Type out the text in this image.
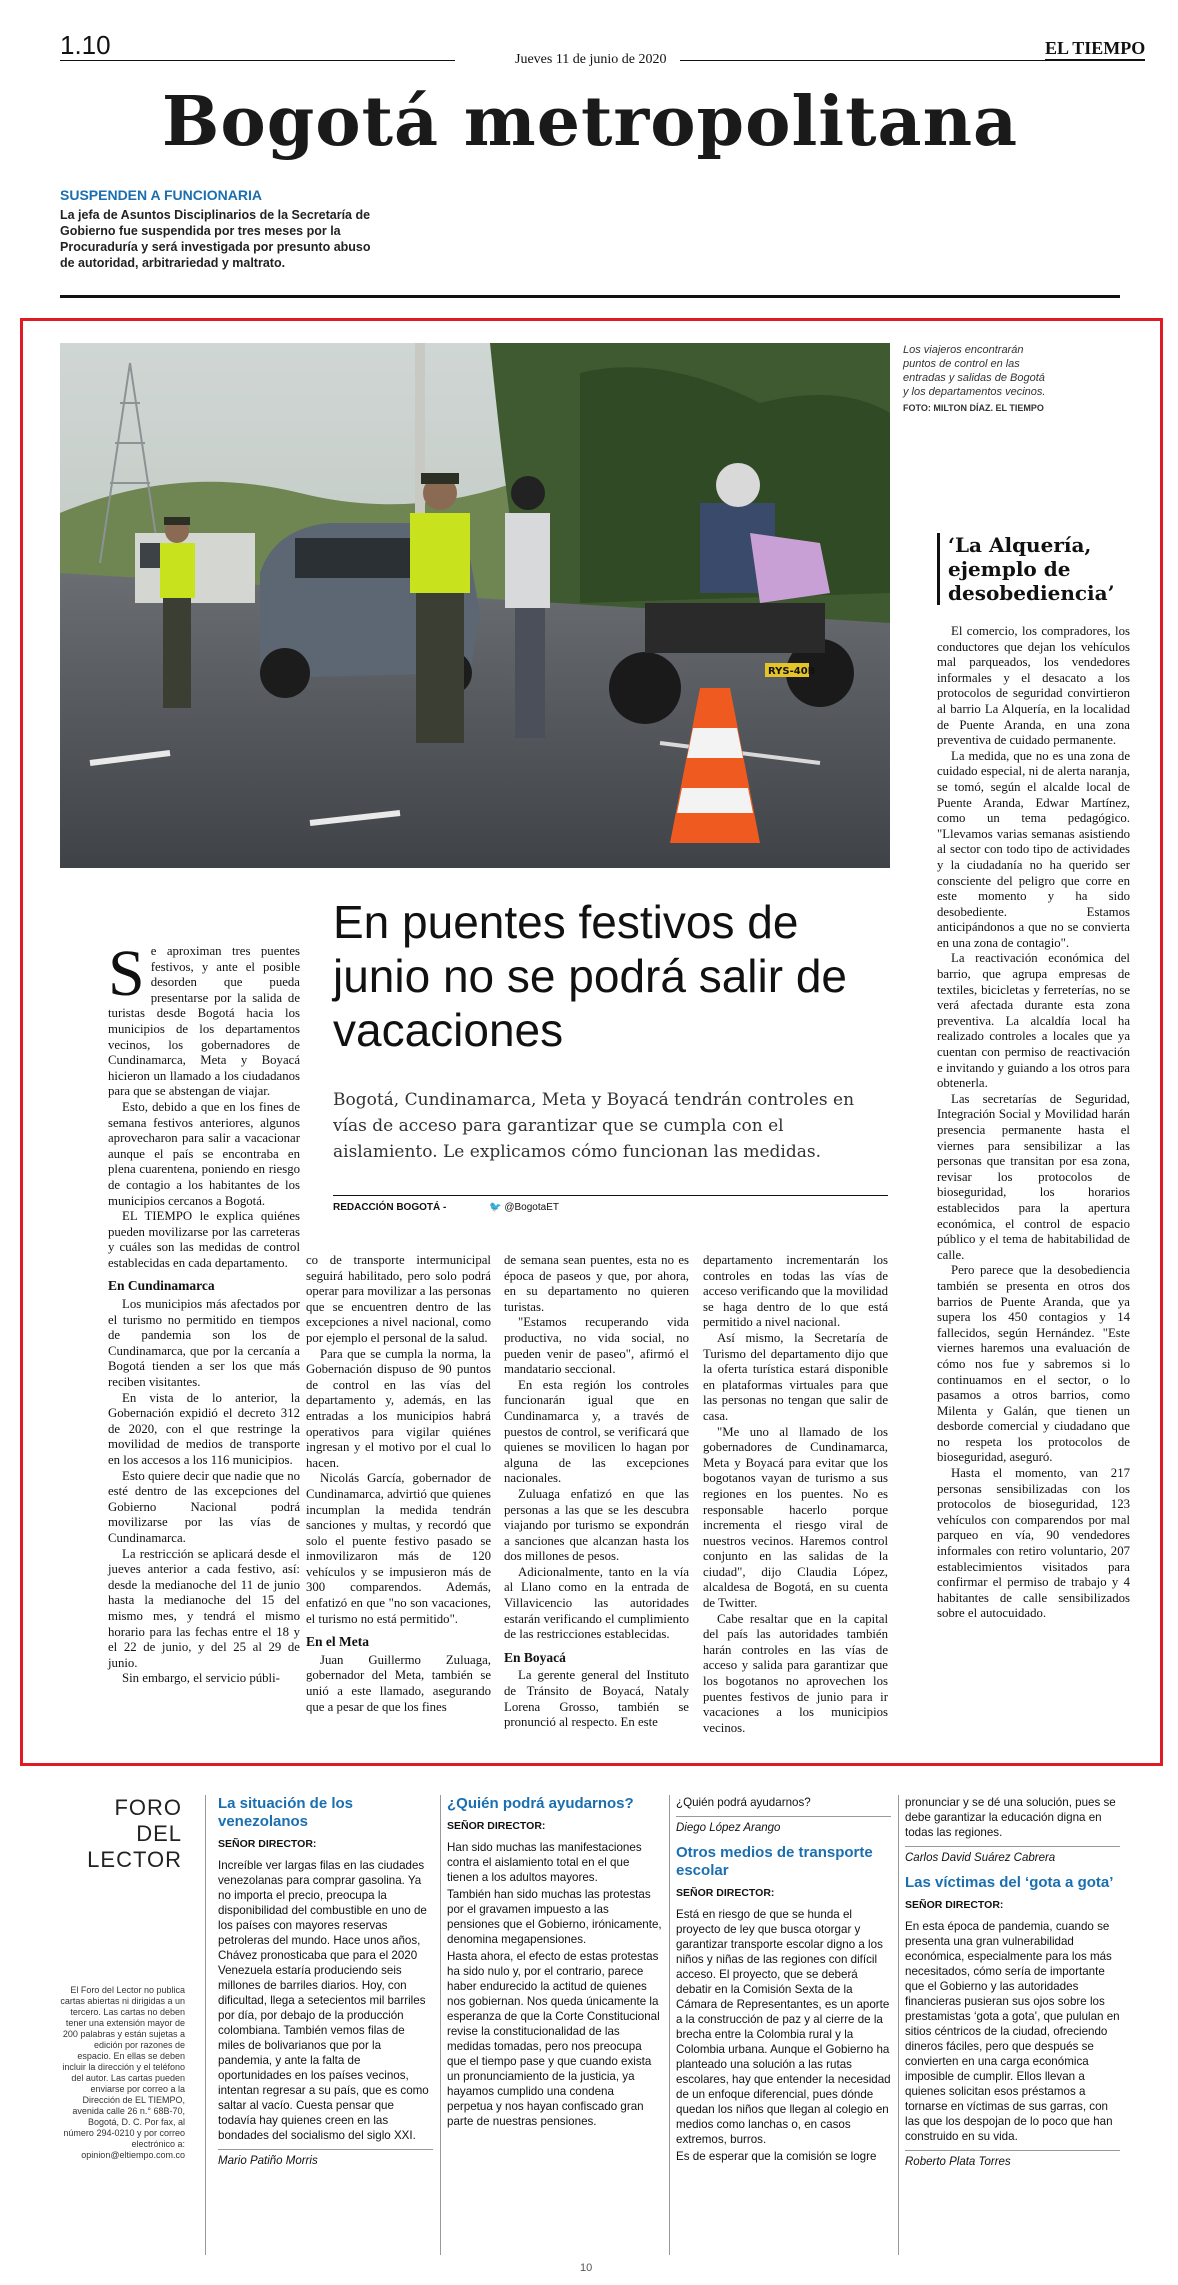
1.10	Jueves 11 de junio de 2020
EL TIEMPO
Bogotá metropolitana
SUSPENDEN A FUNCIONARIA
La jefa de Asuntos Disciplinarios de la Secretaría de Gobierno fue suspendida por tres meses por la Procuraduría y será investigada por presunto abuso de autoridad, arbitrariedad y maltrato.
RYS-40B
Los viajeros encontrarán puntos de control en las entradas y salidas de Bogotá y los departamentos vecinos.
FOTO: MILTON DÍAZ. EL TIEMPO
En puentes festivos de junio no se podrá salir de vacaciones
Bogotá, Cundinamarca, Meta y Boyacá tendrán controles en vías de acceso para garantizar que se cumpla con el aislamiento. Le explicamos cómo funcionan las medidas.
REDACCIÓN BOGOTÁ -	🐦 @BogotaET

Se aproximan tres puentes festivos, y ante el posible desorden que pueda presentarse por la salida de turistas desde Bogotá hacia los municipios de los departamentos vecinos, los gobernadores de Cundinamarca, Meta y Boyacá hicieron un llamado a los ciudadanos para que se abstengan de viajar.

Esto, debido a que en los fines de semana festivos anteriores, algunos aprovecharon para salir a vacacionar aunque el país se encontraba en plena cuarentena, poniendo en riesgo de contagio a los habitantes de los municipios cercanos a Bogotá.

EL TIEMPO le explica quiénes pueden movilizarse por las carreteras y cuáles son las medidas de control establecidas en cada departamento.

En Cundinamarca

Los municipios más afectados por el turismo no permitido en tiempos de pandemia son los de Cundinamarca, que por la cercanía a Bogotá tienden a ser los que más reciben visitantes.

En vista de lo anterior, la Gobernación expidió el decreto 312 de 2020, con el que restringe la movilidad de medios de transporte en los accesos a los 116 municipios.

Esto quiere decir que nadie que no esté dentro de las excepciones del Gobierno Nacional podrá movilizarse por las vías de Cundinamarca.

La restricción se aplicará desde el jueves anterior a cada festivo, así: desde la medianoche del 11 de junio hasta la medianoche del 15 del mismo mes, y tendrá el mismo horario para las fechas entre el 18 y el 22 de junio, y del 25 al 29 de junio.

Sin embargo, el servicio públi-

co de transporte intermunicipal seguirá habilitado, pero solo podrá operar para movilizar a las personas que se encuentren dentro de las excepciones a nivel nacional, como por ejemplo el personal de la salud.

Para que se cumpla la norma, la Gobernación dispuso de 90 puntos de control en las vías del departamento y, además, en las entradas a los municipios habrá operativos para vigilar quiénes ingresan y el motivo por el cual lo hacen.

Nicolás García, gobernador de Cundinamarca, advirtió que quienes incumplan la medida tendrán sanciones y multas, y recordó que solo el puente festivo pasado se inmovilizaron más de 120 vehículos y se impusieron más de 300 comparendos. Además, enfatizó en que "no son vacaciones, el turismo no está permitido".

En el Meta

Juan Guillermo Zuluaga, gobernador del Meta, también se unió a este llamado, asegurando que a pesar de que los fines

de semana sean puentes, esta no es época de paseos y que, por ahora, en su departamento no quieren turistas.

"Estamos recuperando vida productiva, no vida social, no pueden venir de paseo", afirmó el mandatario seccional.

En esta región los controles funcionarán igual que en Cundinamarca y, a través de puestos de control, se verificará que quienes se movilicen lo hagan por alguna de las excepciones nacionales.

Zuluaga enfatizó en que las personas a las que se les descubra viajando por turismo se expondrán a sanciones que alcanzan hasta los dos millones de pesos.

Adicionalmente, tanto en la vía al Llano como en la entrada de Villavicencio las autoridades estarán verificando el cumplimiento de las restricciones establecidas.

En Boyacá

La gerente general del Instituto de Tránsito de Boyacá, Nataly Lorena Grosso, también se pronunció al respecto. En este

departamento incrementarán los controles en todas las vías de acceso verificando que la movilidad se haga dentro de lo que está permitido a nivel nacional.

Así mismo, la Secretaría de Turismo del departamento dijo que la oferta turística estará disponible en plataformas virtuales para que las personas no tengan que salir de casa.

"Me uno al llamado de los gobernadores de Cundinamarca, Meta y Boyacá para evitar que los bogotanos vayan de turismo a sus regiones en los puentes. No es responsable hacerlo porque incrementa el riesgo viral de nuestros vecinos. Haremos control conjunto en las salidas de la ciudad", dijo Claudia López, alcaldesa de Bogotá, en su cuenta de Twitter.

Cabe resaltar que en la capital del país las autoridades también harán controles en las vías de acceso y salida para garantizar que los bogotanos no aprovechen los puentes festivos de junio para ir vacaciones a los municipios vecinos.

‘La Alquería, ejemplo de desobediencia’

El comercio, los compradores, los conductores que dejan los vehículos mal parqueados, los vendedores informales y el desacato a los protocolos de seguridad convirtieron al barrio La Alquería, en la localidad de Puente Aranda, en una zona preventiva de cuidado permanente.

La medida, que no es una zona de cuidado especial, ni de alerta naranja, se tomó, según el alcalde local de Puente Aranda, Edwar Martínez, como un tema pedagógico. "Llevamos varias semanas asistiendo al sector con todo tipo de actividades y la ciudadanía no ha querido ser consciente del peligro que corre en este momento y ha sido desobediente. Estamos anticipándonos a que no se convierta en una zona de contagio".

La reactivación económica del barrio, que agrupa empresas de textiles, bicicletas y ferreterías, no se verá afectada durante esta zona preventiva. La alcaldía local ha realizado controles a locales que ya cuentan con permiso de reactivación e invitando y guiando a los otros para obtenerla.

Las secretarías de Seguridad, Integración Social y Movilidad harán presencia permanente hasta el viernes para sensibilizar a las personas que transitan por esa zona, revisar los protocolos de bioseguridad, los horarios establecidos para la apertura económica, el control de espacio público y el tema de habitabilidad de calle.

Pero parece que la desobediencia también se presenta en otros dos barrios de Puente Aranda, que ya supera los 450 contagios y 14 fallecidos, según Hernández. "Este viernes haremos una evaluación de cómo nos fue y sabremos si lo continuamos en el sector, o lo pasamos a otros barrios, como Milenta y Galán, que tienen un desborde comercial y ciudadano que no respeta los protocolos de bioseguridad, aseguró.

Hasta el momento, van 217 personas sensibilizadas con los protocolos de bioseguridad, 123 vehículos con comparendos por mal parqueo en vía, 90 vendedores informales con retiro voluntario, 207 establecimientos visitados para confirmar el permiso de trabajo y 4 habitantes de calle sensibilizados sobre el autocuidado.

FORO DEL LECTOR
El Foro del Lector no publica cartas abiertas ni dirigidas a un tercero. Las cartas no deben tener una extensión mayor de 200 palabras y están sujetas a edición por razones de espacio. En ellas se deben incluir la dirección y el teléfono del autor. Las cartas pueden enviarse por correo a la Dirección de EL TIEMPO, avenida calle 26 n.° 68B-70, Bogotá, D. C. Por fax, al número 294-0210 y por correo electrónico a: opinion@eltiempo.com.co
La situación de los venezolanos
SEÑOR DIRECTOR:

Increíble ver largas filas en las ciudades venezolanas para comprar gasolina. Ya no importa el precio, preocupa la disponibilidad del combustible en uno de los países con mayores reservas petroleras del mundo. Hace unos años, Chávez pronosticaba que para el 2020 Venezuela estaría produciendo seis millones de barriles diarios. Hoy, con dificultad, llega a setecientos mil barriles por día, por debajo de la producción colombiana. También vemos filas de miles de bolivarianos que por la pandemia, y ante la falta de oportunidades en los países vecinos, intentan regresar a su país, que es como saltar al vacío. Cuesta pensar que todavía hay quienes creen en las bondades del socialismo del siglo XXI.

Mario Patiño Morris
¿Quién podrá ayudarnos?
SEÑOR DIRECTOR:

Han sido muchas las manifestaciones contra el aislamiento total en el que tienen a los adultos mayores.

También han sido muchas las protestas por el gravamen impuesto a las pensiones que el Gobierno, irónicamente, denomina megapensiones.

Hasta ahora, el efecto de estas protestas ha sido nulo y, por el contrario, parece haber endurecido la actitud de quienes nos gobiernan. Nos queda únicamente la esperanza de que la Corte Constitucional revise la constitucionalidad de las medidas tomadas, pero nos preocupa que el tiempo pase y que cuando exista un pronunciamiento de la justicia, ya hayamos cumplido una condena perpetua y nos hayan confiscado gran parte de nuestras pensiones.

¿Quién podrá ayudarnos?

Diego López Arango
Otros medios de transporte escolar
SEÑOR DIRECTOR:

Está en riesgo de que se hunda el proyecto de ley que busca otorgar y garantizar transporte escolar digno a los niños y niñas de las regiones con difícil acceso. El proyecto, que se deberá debatir en la Comisión Sexta de la Cámara de Representantes, es un aporte a la construcción de paz y al cierre de la brecha entre la Colombia rural y la Colombia urbana. Aunque el Gobierno ha planteado una solución a las rutas escolares, hay que entender la necesidad de un enfoque diferencial, pues dónde quedan los niños que llegan al colegio en medios como lanchas o, en casos extremos, burros.

Es de esperar que la comisión se logre

pronunciar y se dé una solución, pues se debe garantizar la educación digna en todas las regiones.

Carlos David Suárez Cabrera
Las víctimas del ‘gota a gota’
SEÑOR DIRECTOR:

En esta época de pandemia, cuando se presenta una gran vulnerabilidad económica, especialmente para los más necesitados, cómo sería de importante que el Gobierno y las autoridades financieras pusieran sus ojos sobre los prestamistas ‘gota a gota’, que pululan en sitios céntricos de la ciudad, ofreciendo dineros fáciles, pero que después se convierten en una carga económica imposible de cumplir. Ellos llevan a quienes solicitan esos préstamos a tornarse en víctimas de sus garras, con las que los despojan de lo poco que han construido en su vida.

Roberto Plata Torres
10
